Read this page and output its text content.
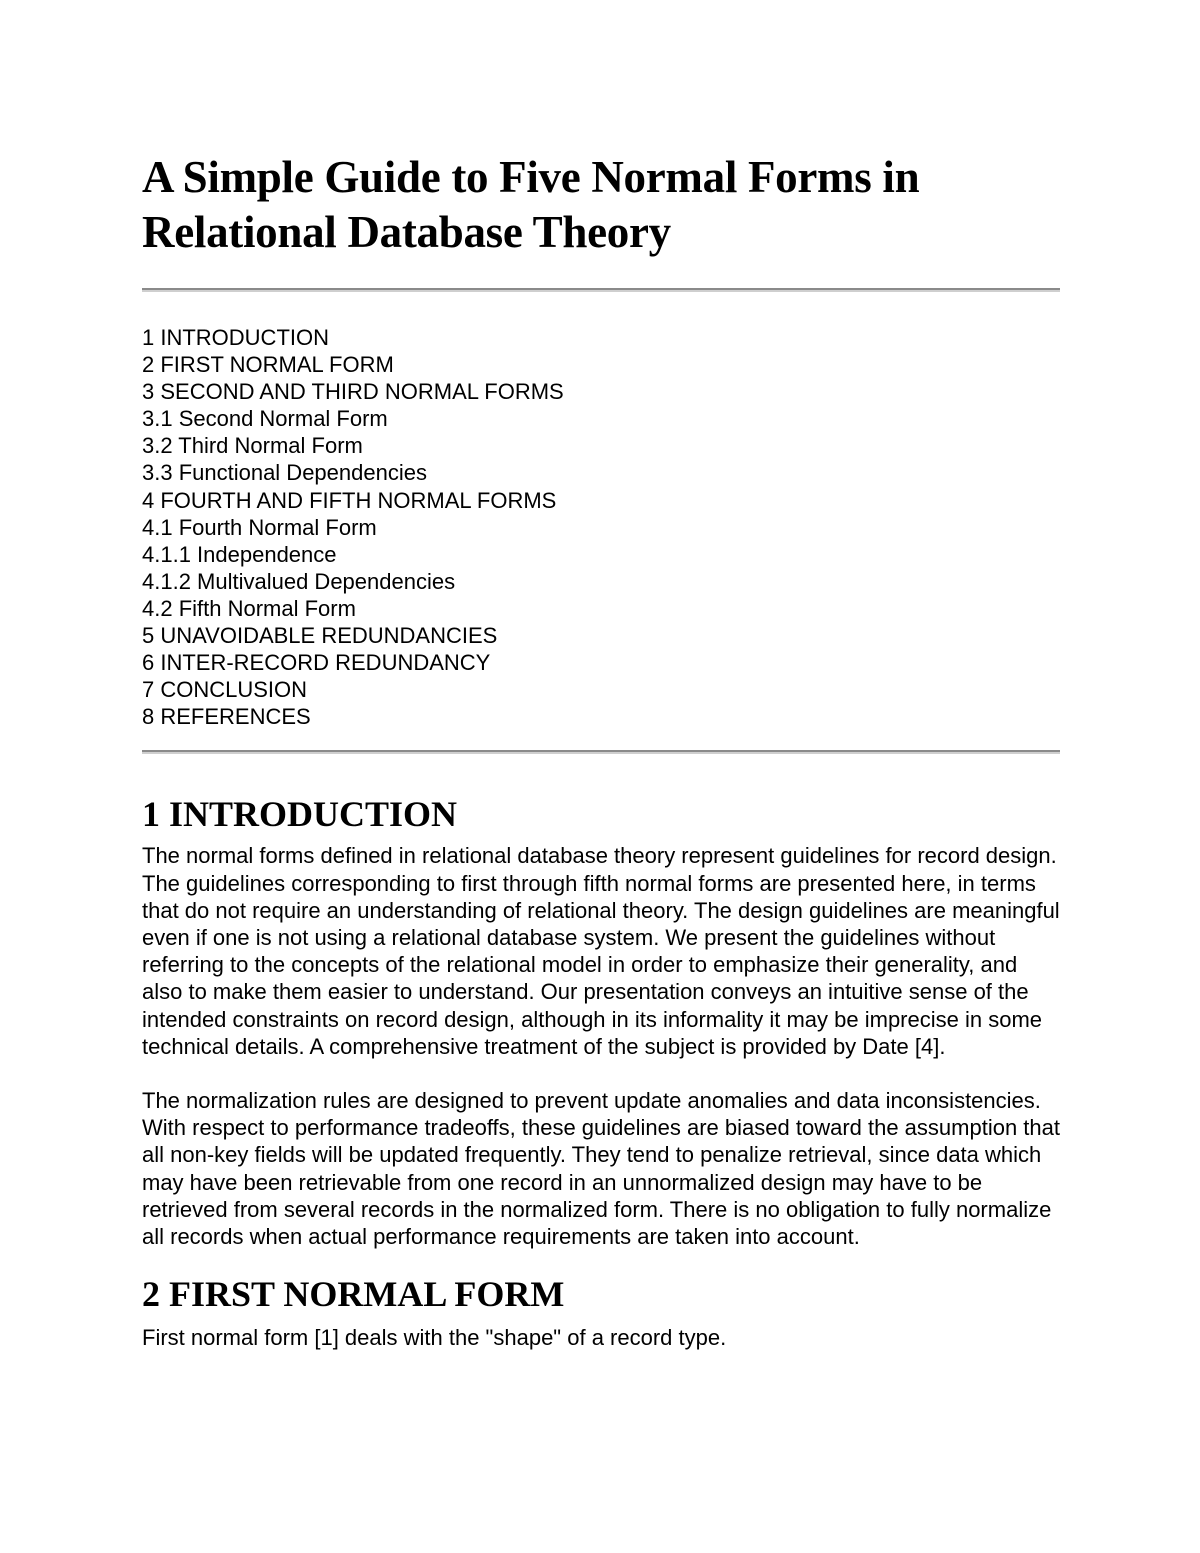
A Simple Guide to Five Normal Forms in Relational Database Theory
1 INTRODUCTION
2 FIRST NORMAL FORM
3 SECOND AND THIRD NORMAL FORMS
3.1 Second Normal Form
3.2 Third Normal Form
3.3 Functional Dependencies
4 FOURTH AND FIFTH NORMAL FORMS
4.1 Fourth Normal Form
4.1.1 Independence
4.1.2 Multivalued Dependencies
4.2 Fifth Normal Form
5 UNAVOIDABLE REDUNDANCIES
6 INTER-RECORD REDUNDANCY
7 CONCLUSION
8 REFERENCES
1 INTRODUCTION

The normal forms defined in relational database theory represent guidelines for record design. The guidelines corresponding to first through fifth normal forms are presented here, in terms that do not require an understanding of relational theory. The design guidelines are meaningful even if one is not using a relational database system. We present the guidelines without referring to the concepts of the relational model in order to emphasize their generality, and also to make them easier to understand. Our presentation conveys an intuitive sense of the intended constraints on record design, although in its informality it may be imprecise in some technical details. A comprehensive treatment of the subject is provided by Date [4].

The normalization rules are designed to prevent update anomalies and data inconsistencies. With respect to performance tradeoffs, these guidelines are biased toward the assumption that all non-key fields will be updated frequently. They tend to penalize retrieval, since data which may have been retrievable from one record in an unnormalized design may have to be retrieved from several records in the normalized form. There is no obligation to fully normalize all records when actual performance requirements are taken into account.

2 FIRST NORMAL FORM

First normal form [1] deals with the "shape" of a record type.
